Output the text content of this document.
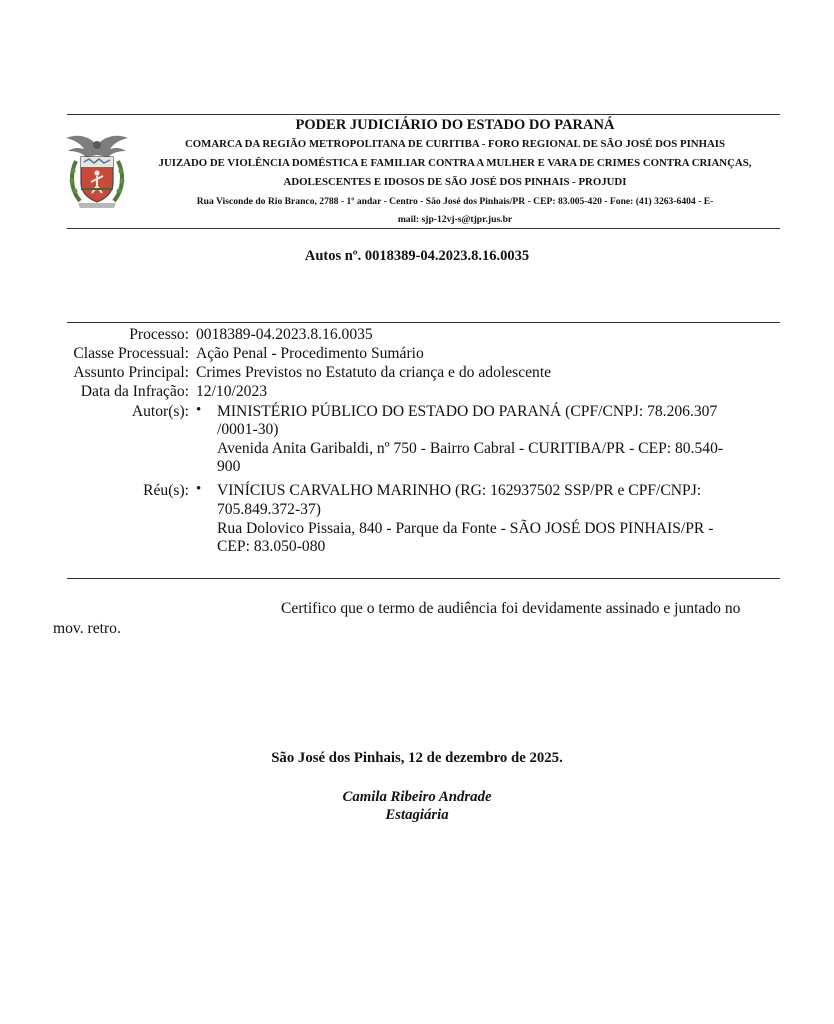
PODER JUDICIÁRIO DO ESTADO DO PARANÁ
COMARCA DA REGIÃO METROPOLITANA DE CURITIBA - FORO REGIONAL DE SÃO JOSÉ DOS PINHAIS
JUIZADO DE VIOLÊNCIA DOMÉSTICA E FAMILIAR CONTRA A MULHER E VARA DE CRIMES CONTRA CRIANÇAS,
ADOLESCENTES E IDOSOS DE SÃO JOSÉ DOS PINHAIS - PROJUDI
Rua Visconde do Rio Branco, 2788 - 1º andar - Centro - São José dos Pinhais/PR - CEP: 83.005-420 - Fone: (41) 3263-6404 - E-
mail: sjp-12vj-s@tjpr.jus.br
Autos nº. 0018389-04.2023.8.16.0035
Processo: 0018389-04.2023.8.16.0035
Classe Processual: Ação Penal - Procedimento Sumário
Assunto Principal: Crimes Previstos no Estatuto da criança e do adolescente
Data da Infração: 12/10/2023
Autor(s): • MINISTÉRIO PÚBLICO DO ESTADO DO PARANÁ (CPF/CNPJ: 78.206.307
/0001-30)
Avenida Anita Garibaldi, nº 750 - Bairro Cabral - CURITIBA/PR - CEP: 80.540-
900
Réu(s): • VINÍCIUS CARVALHO MARINHO (RG: 162937502 SSP/PR e CPF/CNPJ:
705.849.372-37)
Rua Dolovico Pissaia, 840 - Parque da Fonte - SÃO JOSÉ DOS PINHAIS/PR -
CEP: 83.050-080
Certifico que o termo de audiência foi devidamente assinado e juntado no
mov. retro.
São José dos Pinhais, 12 de dezembro de 2025.
Camila Ribeiro Andrade
Estagiária
